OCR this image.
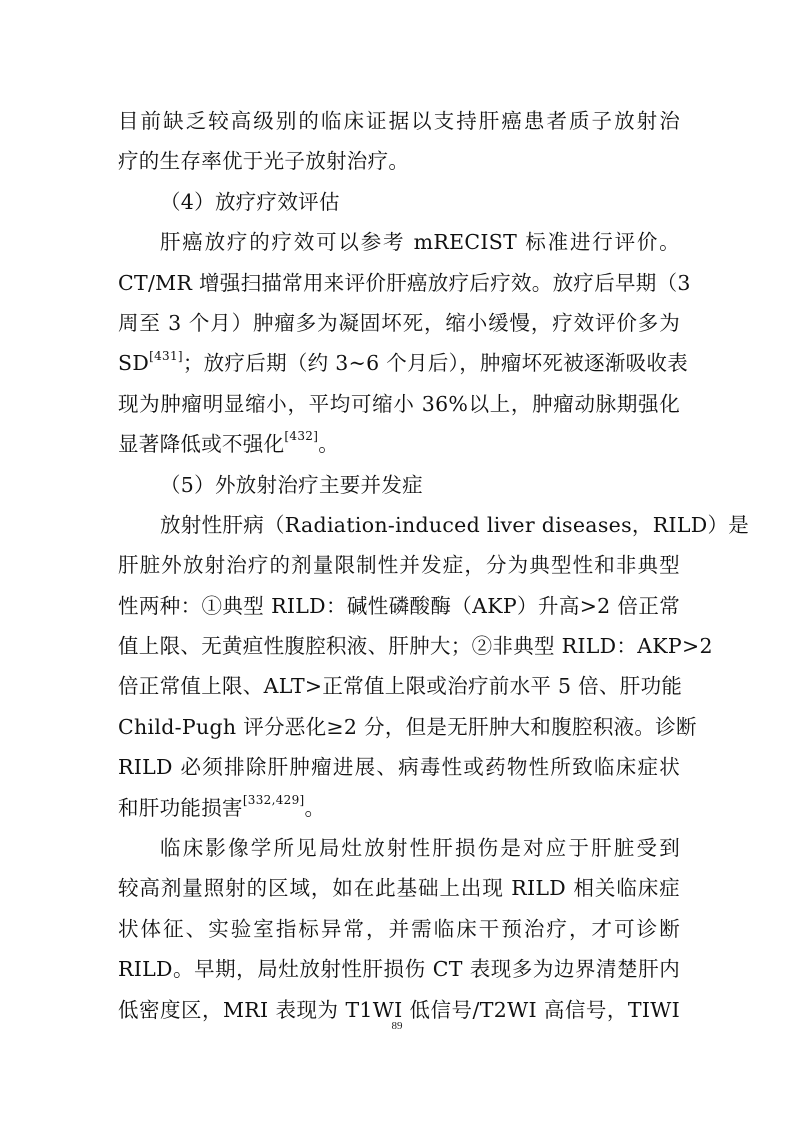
目前缺乏较高级别的临床证据以支持肝癌患者质子放射治
疗的生存率优于光子放射治疗。
（4）放疗疗效评估
肝癌放疗的疗效可以参考 mRECIST 标准进行评价。
CT/MR 增强扫描常用来评价肝癌放疗后疗效。放疗后早期（3
周至 3 个月）肿瘤多为凝固坏死，缩小缓慢，疗效评价多为
SD[431]；放疗后期（约 3~6 个月后），肿瘤坏死被逐渐吸收表
现为肿瘤明显缩小，平均可缩小 36%以上，肿瘤动脉期强化
显著降低或不强化[432]。
（5）外放射治疗主要并发症
放射性肝病（Radiation-induced liver diseases，RILD）是
肝脏外放射治疗的剂量限制性并发症，分为典型性和非典型
性两种：①典型 RILD：碱性磷酸酶（AKP）升高>2 倍正常
值上限、无黄疸性腹腔积液、肝肿大；②非典型 RILD：AKP>2
倍正常值上限、ALT>正常值上限或治疗前水平 5 倍、肝功能
Child-Pugh 评分恶化≥2 分，但是无肝肿大和腹腔积液。诊断
RILD 必须排除肝肿瘤进展、病毒性或药物性所致临床症状
和肝功能损害[332,429]。
临床影像学所见局灶放射性肝损伤是对应于肝脏受到
较高剂量照射的区域，如在此基础上出现 RILD 相关临床症
状体征、实验室指标异常，并需临床干预治疗，才可诊断
RILD。早期，局灶放射性肝损伤 CT 表现多为边界清楚肝内
低密度区，MRI 表现为 T1WI 低信号/T2WI 高信号，TIWI
89
